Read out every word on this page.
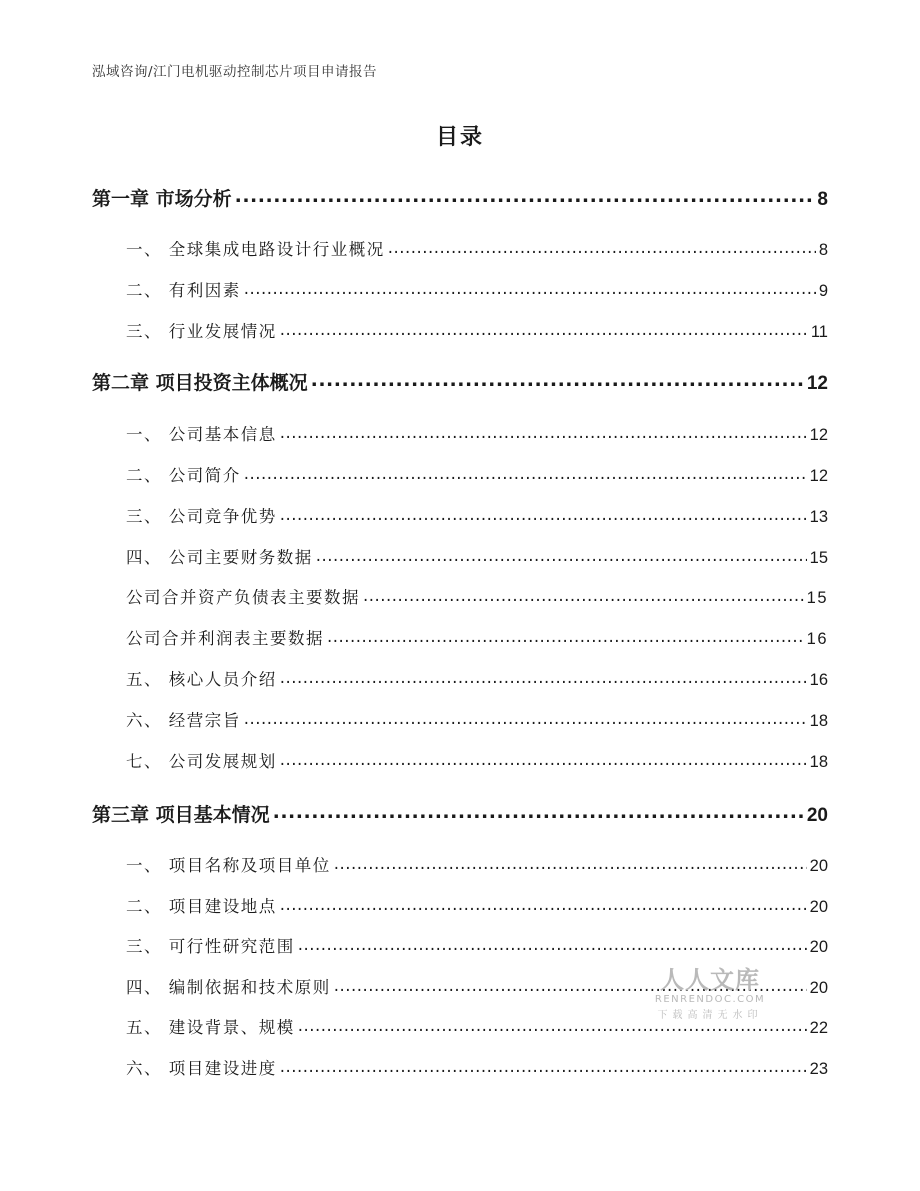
泓域咨询/江门电机驱动控制芯片项目申请报告
目录
第一章 市场分析 .....	8
一、 全球集成电路设计行业概况 .....	8
二、 有利因素 .....	9
三、 行业发展情况 .....	11
第二章 项目投资主体概况 .....	12
一、 公司基本信息 .....	12
二、 公司简介 .....	12
三、 公司竞争优势 .....	13
四、 公司主要财务数据 .....	15
公司合并资产负债表主要数据 .....	15
公司合并利润表主要数据 .....	16
五、 核心人员介绍 .....	16
六、 经营宗旨 .....	18
七、 公司发展规划 .....	18
第三章 项目基本情况 .....	20
一、 项目名称及项目单位 .....	20
二、 项目建设地点 .....	20
三、 可行性研究范围 .....	20
四、 编制依据和技术原则 .....	20
五、 建设背景、规模 .....	22
六、 项目建设进度 .....	23
人人文库
RENRENDOC.COM
下载高清无水印
